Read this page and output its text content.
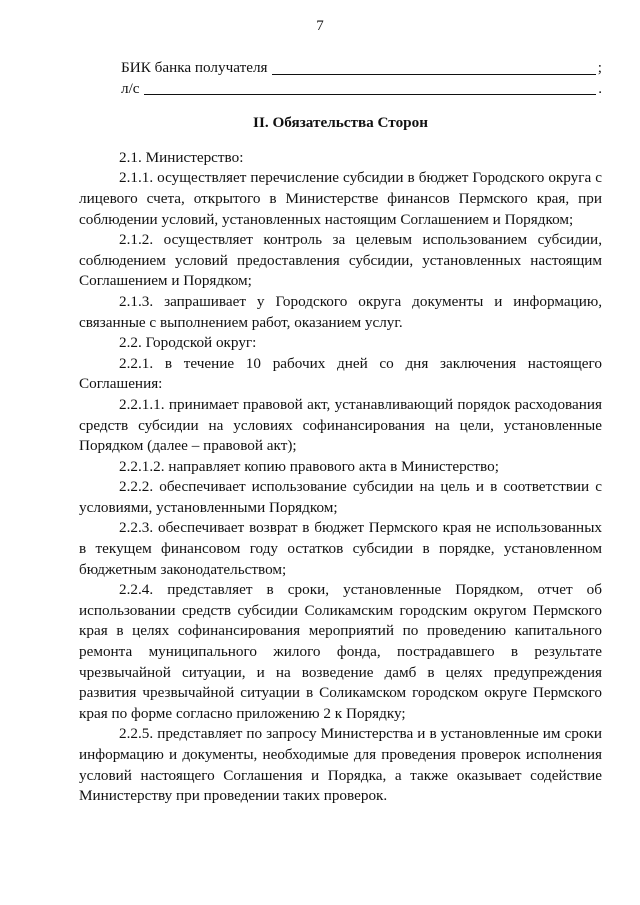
7
БИК банка получателя	;
л/с	.
II. Обязательства Сторон

2.1. Министерство:

2.1.1. осуществляет перечисление субсидии в бюджет Городского округа с лицевого счета, открытого в Министерстве финансов Пермского края, при соблюдении условий, установленных настоящим Соглашением и Порядком;

2.1.2. осуществляет контроль за целевым использованием субсидии, соблюдением условий предоставления субсидии, установленных настоящим Соглашением и Порядком;

2.1.3. запрашивает у Городского округа документы и информацию, связанные с выполнением работ, оказанием услуг.

2.2. Городской округ:

2.2.1. в течение 10 рабочих дней со дня заключения настоящего Соглашения:

2.2.1.1. принимает правовой акт, устанавливающий порядок расходования средств субсидии на условиях софинансирования на цели, установленные Порядком (далее – правовой акт);

2.2.1.2. направляет копию правового акта в Министерство;

2.2.2. обеспечивает использование субсидии на цель и в соответствии с условиями, установленными Порядком;

2.2.3. обеспечивает возврат в бюджет Пермского края не использованных в текущем финансовом году остатков субсидии в порядке, установленном бюджетным законодательством;

2.2.4. представляет в сроки, установленные Порядком, отчет об использовании средств субсидии Соликамским городским округом Пермского края в целях софинансирования мероприятий по проведению капитального ремонта муниципального жилого фонда, пострадавшего в результате чрезвычайной ситуации, и на возведение дамб в целях предупреждения развития чрезвычайной ситуации в Соликамском городском округе Пермского края по форме согласно приложению 2 к Порядку;

2.2.5. представляет по запросу Министерства и в установленные им сроки информацию и документы, необходимые для проведения проверок исполнения условий настоящего Соглашения и Порядка, а также оказывает содействие Министерству при проведении таких проверок.
